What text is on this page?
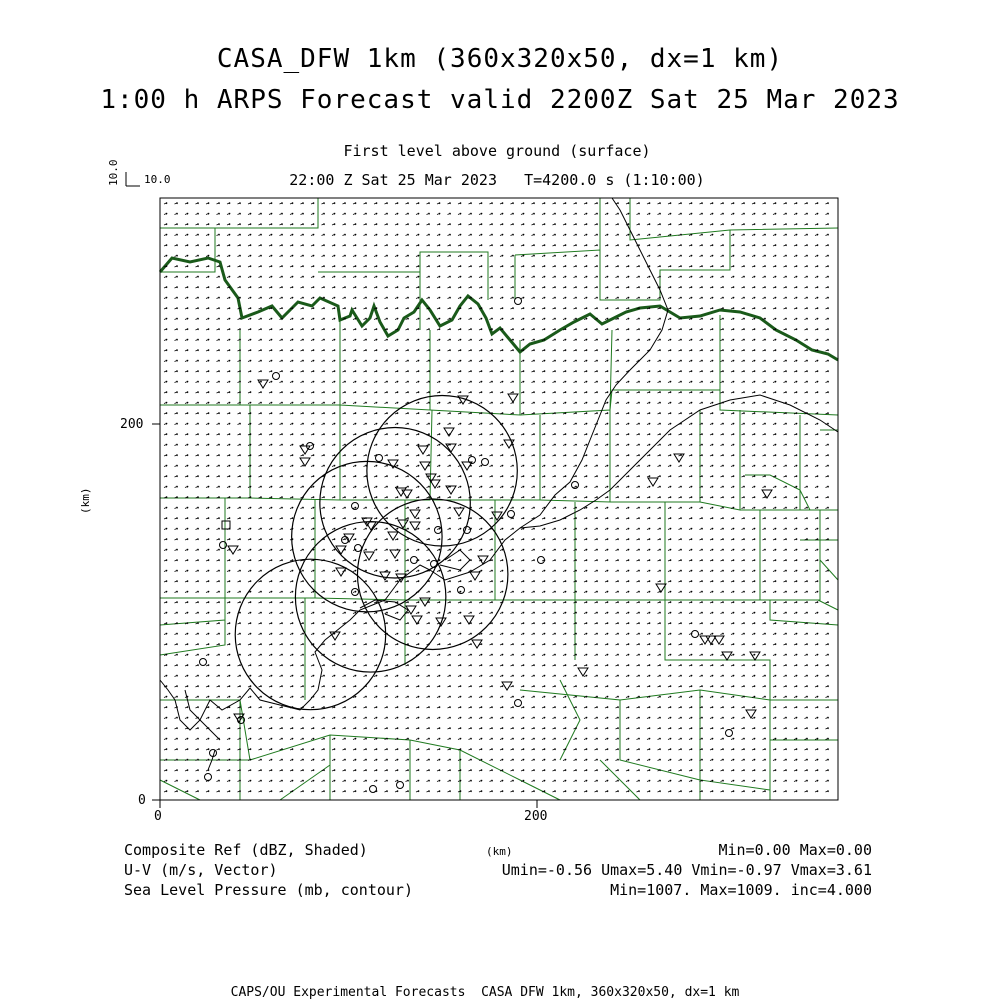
CASA_DFW 1km (360x320x50, dx=1 km)
1:00 h ARPS Forecast valid 2200Z Sat 25 Mar 2023
First level above ground (surface)
22:00 Z Sat 25 Mar 2023   T=4200.0 s (1:10:00)
10.0 10.0
0	200
0
200
(km)
(km)
Composite Ref (dBZ, Shaded)	Min=0.00 Max=0.00
U-V (m/s, Vector)	Umin=-0.56 Umax=5.40 Vmin=-0.97 Vmax=3.61
Sea Level Pressure (mb, contour)	Min=1007. Max=1009. inc=4.000
CAPS/OU Experimental Forecasts  CASA DFW 1km, 360x320x50, dx=1 km
